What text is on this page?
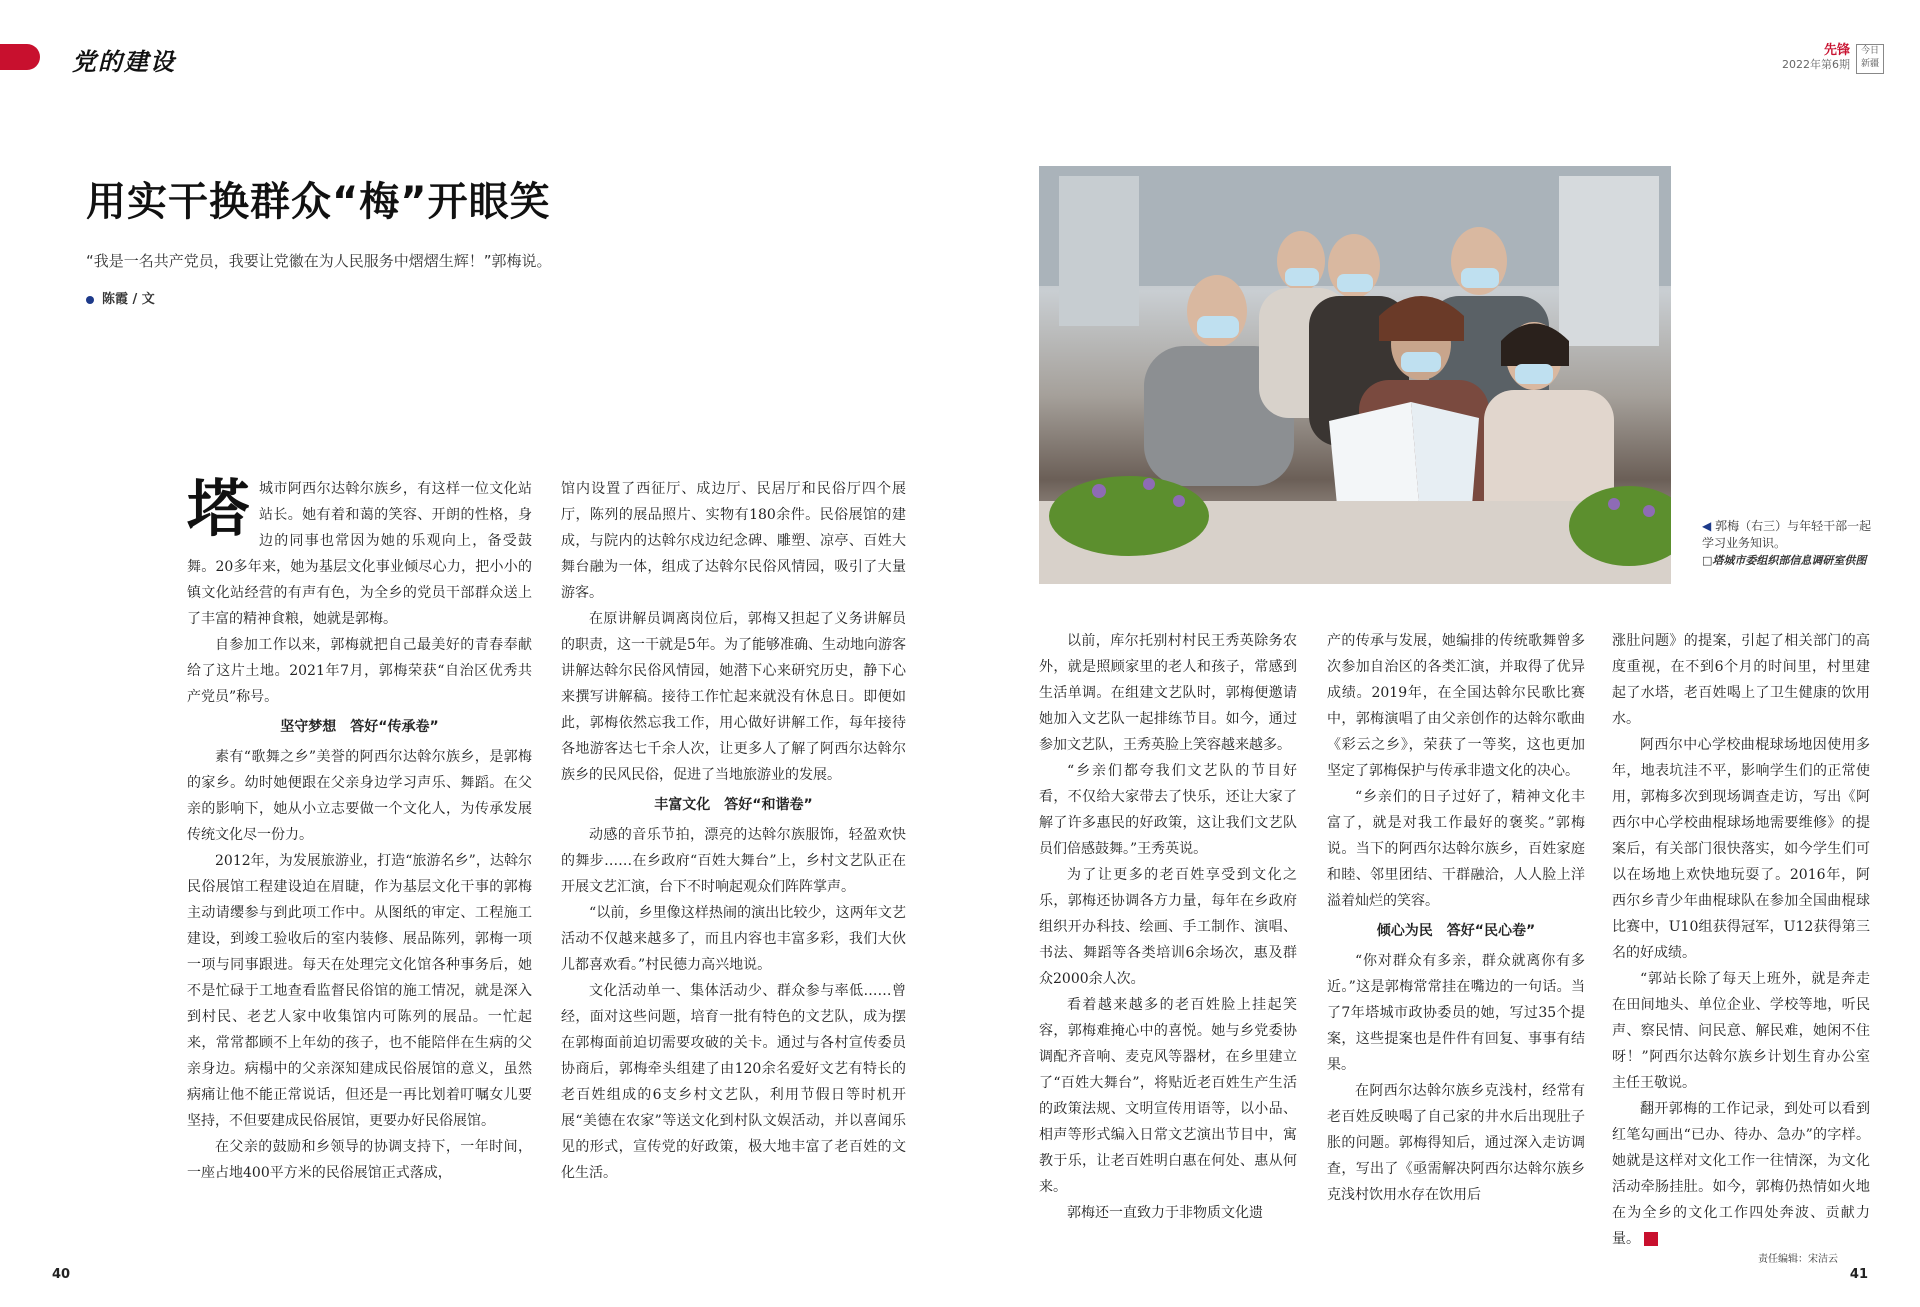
党的建设	先锋
2022年第6期
今日新疆
用实干换群众“梅”开眼笑
“我是一名共产党员，我要让党徽在为人民服务中熠熠生辉！”郭梅说。
陈霞 / 文

塔城市阿西尔达斡尔族乡，有这样一位文化站站长。她有着和蔼的笑容、开朗的性格，身边的同事也常因为她的乐观向上，备受鼓舞。20多年来，她为基层文化事业倾尽心力，把小小的镇文化站经营的有声有色，为全乡的党员干部群众送上了丰富的精神食粮，她就是郭梅。

自参加工作以来，郭梅就把自己最美好的青春奉献给了这片土地。2021年7月，郭梅荣获“自治区优秀共产党员”称号。

坚守梦想　答好“传承卷”

素有“歌舞之乡”美誉的阿西尔达斡尔族乡，是郭梅的家乡。幼时她便跟在父亲身边学习声乐、舞蹈。在父亲的影响下，她从小立志要做一个文化人，为传承发展传统文化尽一份力。

2012年，为发展旅游业，打造“旅游名乡”，达斡尔民俗展馆工程建设迫在眉睫，作为基层文化干事的郭梅主动请缨参与到此项工作中。从图纸的审定、工程施工建设，到竣工验收后的室内装修、展品陈列，郭梅一项一项与同事跟进。每天在处理完文化馆各种事务后，她不是忙碌于工地查看监督民俗馆的施工情况，就是深入到村民、老艺人家中收集馆内可陈列的展品。一忙起来，常常都顾不上年幼的孩子，也不能陪伴在生病的父亲身边。病榻中的父亲深知建成民俗展馆的意义，虽然病痛让他不能正常说话，但还是一再比划着叮嘱女儿要坚持，不但要建成民俗展馆，更要办好民俗展馆。

在父亲的鼓励和乡领导的协调支持下，一年时间，一座占地400平方米的民俗展馆正式落成，

馆内设置了西征厅、成边厅、民居厅和民俗厅四个展厅，陈列的展品照片、实物有180余件。民俗展馆的建成，与院内的达斡尔戍边纪念碑、雕塑、凉亭、百姓大舞台融为一体，组成了达斡尔民俗风情园，吸引了大量游客。

在原讲解员调离岗位后，郭梅又担起了义务讲解员的职责，这一干就是5年。为了能够准确、生动地向游客讲解达斡尔民俗风情园，她潜下心来研究历史，静下心来撰写讲解稿。接待工作忙起来就没有休息日。即便如此，郭梅依然忘我工作，用心做好讲解工作，每年接待各地游客达七千余人次，让更多人了解了阿西尔达斡尔族乡的民风民俗，促进了当地旅游业的发展。

丰富文化　答好“和谐卷”

动感的音乐节拍，漂亮的达斡尔族服饰，轻盈欢快的舞步……在乡政府“百姓大舞台”上，乡村文艺队正在开展文艺汇演，台下不时响起观众们阵阵掌声。

“以前，乡里像这样热闹的演出比较少，这两年文艺活动不仅越来越多了，而且内容也丰富多彩，我们大伙儿都喜欢看。”村民德力高兴地说。

文化活动单一、集体活动少、群众参与率低……曾经，面对这些问题，培育一批有特色的文艺队，成为摆在郭梅面前迫切需要攻破的关卡。通过与各村宣传委员协商后，郭梅牵头组建了由120余名爱好文艺有特长的老百姓组成的6支乡村文艺队，利用节假日等时机开展“美德在农家”等送文化到村队文娱活动，并以喜闻乐见的形式，宣传党的好政策，极大地丰富了老百姓的文化生活。

◀ 郭梅（右三）与年轻干部一起学习业务知识。
□塔城市委组织部信息调研室供图

以前，库尔托别村村民王秀英除务农外，就是照顾家里的老人和孩子，常感到生活单调。在组建文艺队时，郭梅便邀请她加入文艺队一起排练节目。如今，通过参加文艺队，王秀英脸上笑容越来越多。

“乡亲们都夸我们文艺队的节目好看，不仅给大家带去了快乐，还让大家了解了许多惠民的好政策，这让我们文艺队员们倍感鼓舞。”王秀英说。

为了让更多的老百姓享受到文化之乐，郭梅还协调各方力量，每年在乡政府组织开办科技、绘画、手工制作、演唱、书法、舞蹈等各类培训6余场次，惠及群众2000余人次。

看着越来越多的老百姓脸上挂起笑容，郭梅难掩心中的喜悦。她与乡党委协调配齐音响、麦克风等器材，在乡里建立了“百姓大舞台”，将贴近老百姓生产生活的政策法规、文明宣传用语等，以小品、相声等形式编入日常文艺演出节目中，寓教于乐，让老百姓明白惠在何处、惠从何来。

郭梅还一直致力于非物质文化遗

产的传承与发展，她编排的传统歌舞曾多次参加自治区的各类汇演，并取得了优异成绩。2019年，在全国达斡尔民歌比赛中，郭梅演唱了由父亲创作的达斡尔歌曲《彩云之乡》，荣获了一等奖，这也更加坚定了郭梅保护与传承非遗文化的决心。

“乡亲们的日子过好了，精神文化丰富了，就是对我工作最好的褒奖。”郭梅说。当下的阿西尔达斡尔族乡，百姓家庭和睦、邻里团结、干群融洽，人人脸上洋溢着灿烂的笑容。

倾心为民　答好“民心卷”

“你对群众有多亲，群众就离你有多近。”这是郭梅常常挂在嘴边的一句话。当了7年塔城市政协委员的她，写过35个提案，这些提案也是件件有回复、事事有结果。

在阿西尔达斡尔族乡克浅村，经常有老百姓反映喝了自己家的井水后出现肚子胀的问题。郭梅得知后，通过深入走访调查，写出了《亟需解决阿西尔达斡尔族乡克浅村饮用水存在饮用后

涨肚问题》的提案，引起了相关部门的高度重视，在不到6个月的时间里，村里建起了水塔，老百姓喝上了卫生健康的饮用水。

阿西尔中心学校曲棍球场地因使用多年，地表坑洼不平，影响学生们的正常使用，郭梅多次到现场调查走访，写出《阿西尔中心学校曲棍球场地需要维修》的提案后，有关部门很快落实，如今学生们可以在场地上欢快地玩耍了。2016年，阿西尔乡青少年曲棍球队在参加全国曲棍球比赛中，U10组获得冠军，U12获得第三名的好成绩。

“郭站长除了每天上班外，就是奔走在田间地头、单位企业、学校等地，听民声、察民情、问民意、解民难，她闲不住呀！”阿西尔达斡尔族乡计划生育办公室主任王敬说。

翻开郭梅的工作记录，到处可以看到红笔勾画出“已办、待办、急办”的字样。她就是这样对文化工作一往情深，为文化活动牵肠挂肚。如今，郭梅仍热情如火地在为全乡的文化工作四处奔波、贡献力量。

40	41
责任编辑：宋洁云
